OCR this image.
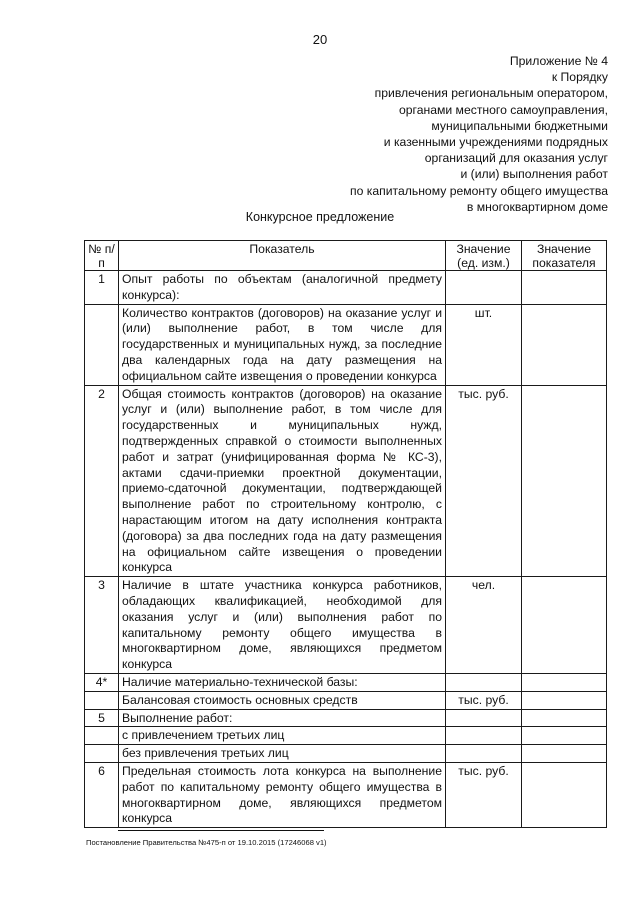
20
Приложение № 4
к Порядку
привлечения региональным оператором,
органами местного самоуправления,
муниципальными бюджетными
и казенными учреждениями подрядных
организаций для оказания услуг
и (или) выполнения работ
по капитальному ремонту общего имущества
в многоквартирном доме
Конкурсное предложение
№ п/п	Показатель	Значение (ед. изм.)	Значение показателя
1	Опыт работы по объектам (аналогичной предмету конкурса):		
	Количество контрактов (договоров) на оказание услуг и (или) выполнение работ, в том числе для государственных и муниципальных нужд, за последние два календарных года на дату размещения на официальном сайте извещения о проведении конкурса	шт.	
2	Общая стоимость контрактов (договоров) на оказание услуг и (или) выполнение работ, в том числе для государственных и муниципальных нужд, подтвержденных справкой о стоимости выполненных работ и затрат (унифицированная форма № КС-3), актами сдачи-приемки проектной документации, приемо-сдаточной документации, подтверждающей выполнение работ по строительному контролю, с нарастающим итогом на дату исполнения контракта (договора) за два последних года на дату размещения на официальном сайте извещения о проведении конкурса	тыс. руб.	
3	Наличие в штате участника конкурса работников, обладающих квалификацией, необходимой для оказания услуг и (или) выполнения работ по капитальному ремонту общего имущества в многоквартирном доме, являющихся предметом конкурса	чел.	
4*	Наличие материально-технической базы:		
	Балансовая стоимость основных средств	тыс. руб.	
5	Выполнение работ:		
	с привлечением третьих лиц		
	без привлечения третьих лиц		
6	Предельная стоимость лота конкурса на выполнение работ по капитальному ремонту общего имущества в многоквартирном доме, являющихся предметом конкурса	тыс. руб.	
Постановление Правительства №475-п от 19.10.2015 (17246068 v1)
